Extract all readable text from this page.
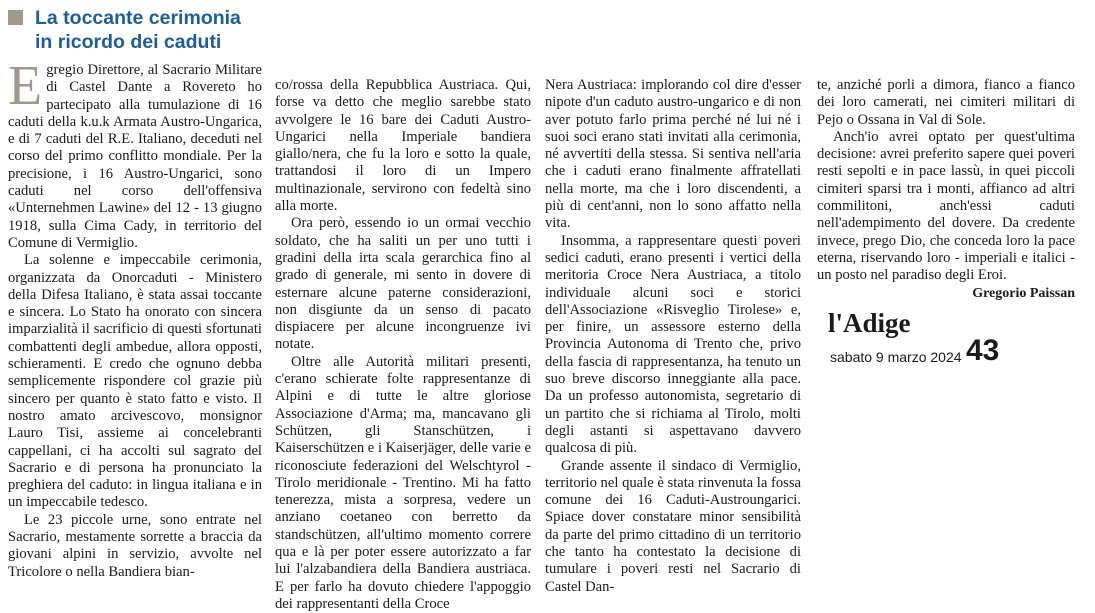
La toccante cerimonia
in ricordo dei caduti

Egregio Direttore, al Sacrario Militare di Castel Dante a Rovereto ho partecipato alla tumulazione di 16 caduti della k.u.k Armata Austro-Ungarica, e di 7 caduti del R.E. Italiano, deceduti nel corso del primo conflitto mondiale. Per la precisione, i 16 Austro-Ungarici, sono caduti nel corso dell'offensiva «Unternehmen Lawine» del 12 - 13 giugno 1918, sulla Cima Cady, in territorio del Comune di Vermiglio.

La solenne e impeccabile cerimonia, organizzata da Onorcaduti - Ministero della Difesa Italiano, è stata assai toccante e sincera. Lo Stato ha onorato con sincera imparzialità il sacrificio di questi sfortunati combattenti degli ambedue, allora opposti, schieramenti. E credo che ognuno debba semplicemente rispondere col grazie più sincero per quanto è stato fatto e visto. Il nostro amato arcivescovo, monsignor Lauro Tisi, assieme ai concelebranti cappellani, ci ha accolti sul sagrato del Sacrario e di persona ha pronunciato la preghiera del caduto: in lingua italiana e in un impeccabile tedesco.

Le 23 piccole urne, sono entrate nel Sacrario, mestamente sorrette a braccia da giovani alpini in servizio, avvolte nel Tricolore o nella Bandiera bian-

co/rossa della Repubblica Austriaca. Qui, forse va detto che meglio sarebbe stato avvolgere le 16 bare dei Caduti Austro-Ungarici nella Imperiale bandiera giallo/nera, che fu la loro e sotto la quale, trattandosi il loro di un Impero multinazionale, servirono con fedeltà sino alla morte.

Ora però, essendo io un ormai vecchio soldato, che ha saliti un per uno tutti i gradini della irta scala gerarchica fino al grado di generale, mi sento in dovere di esternare alcune paterne considerazioni, non disgiunte da un senso di pacato dispiacere per alcune incongruenze ivi notate.

Oltre alle Autorità militari presenti, c'erano schierate folte rappresentanze di Alpini e di tutte le altre gloriose Associazione d'Arma; ma, mancavano gli Schützen, gli Stanschützen, i Kaiserschützen e i Kaiserjäger, delle varie e riconosciute federazioni del Welschtyrol - Tirolo meridionale - Trentino. Mi ha fatto tenerezza, mista a sorpresa, vedere un anziano coetaneo con berretto da standschützen, all'ultimo momento correre qua e là per poter essere autorizzato a far lui l'alzabandiera della Bandiera austriaca. E per farlo ha dovuto chiedere l'appoggio dei rappresentanti della Croce

Nera Austriaca: implorando col dire d'esser nipote d'un caduto austro-ungarico e di non aver potuto farlo prima perché né lui né i suoi soci erano stati invitati alla cerimonia, né avvertiti della stessa. Si sentiva nell'aria che i caduti erano finalmente affratellati nella morte, ma che i loro discendenti, a più di cent'anni, non lo sono affatto nella vita.

Insomma, a rappresentare questi poveri sedici caduti, erano presenti i vertici della meritoria Croce Nera Austriaca, a titolo individuale alcuni soci e storici dell'Associazione «Risveglio Tirolese» e, per finire, un assessore esterno della Provincia Autonoma di Trento che, privo della fascia di rappresentanza, ha tenuto un suo breve discorso inneggiante alla pace. Da un professo autonomista, segretario di un partito che si richiama al Tirolo, molti degli astanti si aspettavano davvero qualcosa di più.

Grande assente il sindaco di Vermiglio, territorio nel quale è stata rinvenuta la fossa comune dei 16 Caduti-Austroungarici. Spiace dover constatare minor sensibilità da parte del primo cittadino di un territorio che tanto ha contestato la decisione di tumulare i poveri resti nel Sacrario di Castel Dan-

te, anziché porli a dimora, fianco a fianco dei loro camerati, nei cimiteri militari di Pejo o Ossana in Val di Sole.

Anch'io avrei optato per quest'ultima decisione: avrei preferito sapere quei poveri resti sepolti e in pace lassù, in quei piccoli cimiteri sparsi tra i monti, affianco ad altri commilitoni, anch'essi caduti nell'adempimento del dovere. Da credente invece, prego Dio, che conceda loro la pace eterna, riservando loro - imperiali e italici - un posto nel paradiso degli Eroi.

Gregorio Paissan

l'Adige
sabato 9 marzo 2024 43
